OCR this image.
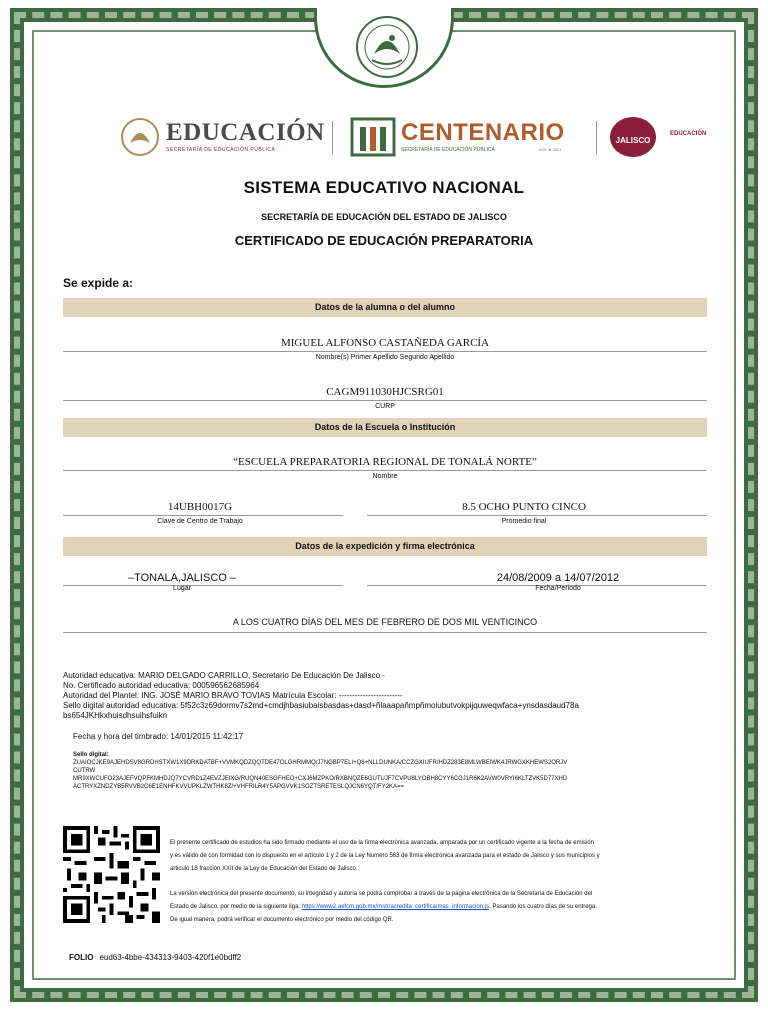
EDUCACIÓN
SECRETARÍA DE EDUCACIÓN PÚBLICA
CENTENARIO
SECRETARÍA DE EDUCACIÓN PÚBLICA	1921 ★ 2021
JALISCO
EDUCACIÓN
SISTEMA EDUCATIVO NACIONAL
SECRETARÍA DE EDUCACIÓN DEL ESTADO DE JALISCO
CERTIFICADO DE EDUCACIÓN PREPARATORIA
Se expide a:
Datos de la alumna o del alumno
MIGUEL ALFONSO CASTAÑEDA GARCÍA
Nombre(s) Primer Apellido Segundo Apellido
CAGM911030HJCSRG01
CURP
Datos de la Escuela o Institución
“ESCUELA PREPARATORIA REGIONAL DE TONALÁ NORTE”
Nombre
14UBH0017G
Clave de Centro de Trabajo
8.5 OCHO PUNTO CINCO
Promedio final
Datos de la expedición y firma electrónica
–TONALA,JALISCO –
Lugar
24/08/2009 a 14/07/2012
Fecha/Periodo
A LOS CUATRO DÍAS DEL MES DE FEBRERO DE DOS MIL VENTICINCO
Autoridad educativa: MARIO DELGADO CARRILLO, Secretario De Educación De Jalisco -
No. Certificado autoridad educativa: 000596562685964
Autoridad del Plantel: ING. JOSÉ MARIO BRAVO TOVIAS Matrícula Escolar: ------------------------
Sello digital autoridad educativa: 5f52c3z69dormv7s2md+cmdjhbasiubaisbasdas+dasd+ñlaaapañmpñmoiubutvokpijquweqwfaca+ynsdasdaud78a
bs654JKHkxhuisdhsuihsfuikn
Fecha y hora del timbrado: 14/01/2015 11:42:17
Sello digital:
ZUAIOCJKE9AJEHDSV8GRDHSTXW1X9DRKDATBF+VVMKQDZQQTDE47OLGHRMMQ/J7NGBP7ELI+Q8+NLLDUNKA/CCZGXIUFR/HDZ283E8MLWBEIWK4JRWGXKHEWS2ORJV
CUTRW
MR9XWCUFO23AJEFVQPFKMHDJQ7YCVRD1Z4EVZJEIXG/RUQN40ESGFHEO+CXJ6MZPKO/RXBNQZE6GUTUJF7CVPU8LYOBH8CYY6CGJ1R6K2AVW0VRYI6KLTZVK5D77XHD
ACTRYXZNDZYB5RVVB2C6E1ENHFKVVUPKLZWTHK8Z/+VHFRILR4Y5APGVVK1SOZTSRETESLQJCN6YQT/FY2KA==
El presente certificado de estudios ha sido firmado mediante el uso de la firma electrónica avanzada, amparada por un certificado vigente a la fecha de emisión
y es válido de con formidad con lo dispuesto en el artículo 1 y 2 de la Ley Numero 563 de firma electrónica avanzada para el estado de Jalisco y sus municipios y
articulo 18 fracción XXII de la Ley de Educación del Estado de Jalisco.
La versión electrónica del presente documento, su integridad y autoría se podrá comprobar a través de la página electrónica de la Secretaría de Educación del
Estado de Jalisco, por medio de la siguiente liga: https://www2.aefcm.gob.mx/mstr/acredita_certifica/mas_informacion.js. Pasando los cuatro días de su entrega.
De igual manera, podrá verificar el documento electrónico por medio del código QR.
FOLIO eud63-4bbe-434313-9403-420f1e0bdff2
